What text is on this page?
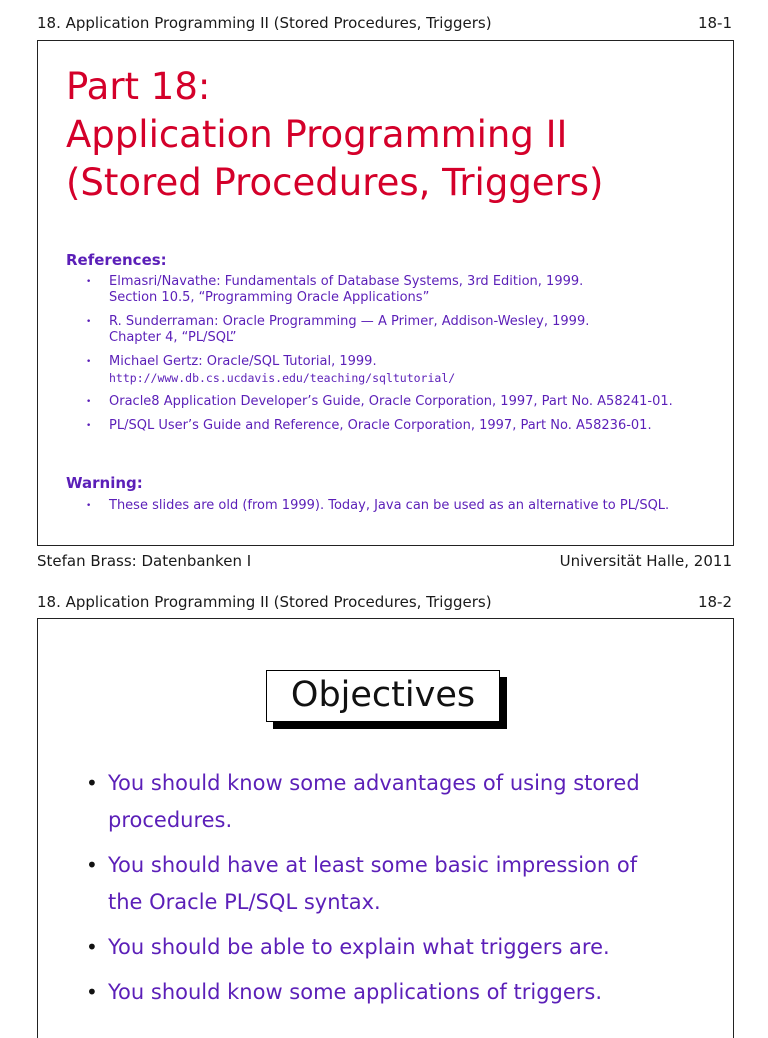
18. Application Programming II (Stored Procedures, Triggers)	18-1
Part 18:
Application Programming II
(Stored Procedures, Triggers)
References:
• Elmasri/Navathe: Fundamentals of Database Systems, 3rd Edition, 1999.
Section 10.5, “Programming Oracle Applications”
• R. Sunderraman: Oracle Programming — A Primer, Addison-Wesley, 1999.
Chapter 4, “PL/SQL”
• Michael Gertz: Oracle/SQL Tutorial, 1999.
http://www.db.cs.ucdavis.edu/teaching/sqltutorial/
• Oracle8 Application Developer’s Guide, Oracle Corporation, 1997, Part No. A58241-01.
• PL/SQL User’s Guide and Reference, Oracle Corporation, 1997, Part No. A58236-01.
Warning:
• These slides are old (from 1999). Today, Java can be used as an alternative to PL/SQL.
Stefan Brass: Datenbanken I	Universität Halle, 2011
18. Application Programming II (Stored Procedures, Triggers)	18-2
Objectives
• You should know some advantages of using stored
procedures.
• You should have at least some basic impression of
the Oracle PL/SQL syntax.
• You should be able to explain what triggers are.
• You should know some applications of triggers.
